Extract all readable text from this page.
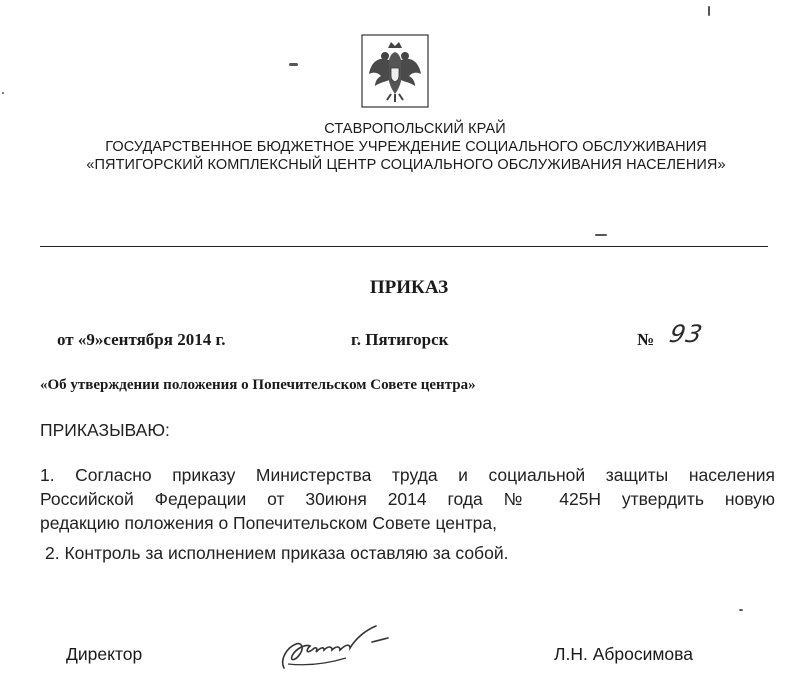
СТАВРОПОЛЬСКИЙ КРАЙ
ГОСУДАРСТВЕННОЕ БЮДЖЕТНОЕ УЧРЕЖДЕНИЕ СОЦИАЛЬНОГО ОБСЛУЖИВАНИЯ
«ПЯТИГОРСКИЙ КОМПЛЕКСНЫЙ ЦЕНТР СОЦИАЛЬНОГО ОБСЛУЖИВАНИЯ НАСЕЛЕНИЯ»
ПРИКАЗ
от «9»сентября 2014 г.	г. Пятигорск	№ 93
«Об утверждении положения о Попечительском Совете центра»
ПРИКАЗЫВАЮ:
1. Согласно приказу Министерства труда и социальной защиты населения
Российской Федерации от 30июня 2014 года № 425Н утвердить новую
редакцию положения о Попечительском Совете центра,
2. Контроль за исполнением приказа оставляю за собой.
Директор	Л.Н. Абросимова
